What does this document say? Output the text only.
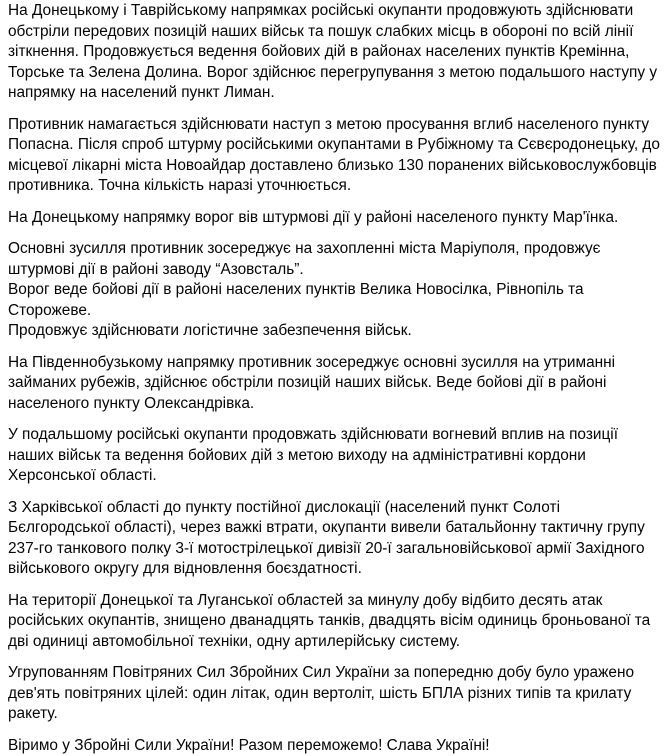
На Донецькому і Таврійському напрямках російські окупанти продовжують здійснювати обстріли передових позицій наших військ та пошук слабких місць в обороні по всій лінії зіткнення. Продовжується ведення бойових дій в районах населених пунктів Кремінна, Торське та Зелена Долина. Ворог здійснює перегрупування з метою подальшого наступу у напрямку на населений пункт Лиман.

Противник намагається здійснювати наступ з метою просування вглиб населеного пункту Попасна. Після спроб штурму російськими окупантами в Рубіжному та Сєвєродонецьку, до місцевої лікарні міста Новоайдар доставлено близько 130 поранених військовослужбовців противника. Точна кількість наразі уточнюється.

На Донецькому напрямку ворог вів штурмові дії у районі населеного пункту Мар'їнка.

Основні зусилля противник зосереджує на захопленні міста Маріуполя, продовжує штурмові дії в районі заводу “Азовсталь”.
Ворог веде бойові дії в районі населених пунктів Велика Новосілка, Рівнопіль та Сторожеве.
Продовжує здійснювати логістичне забезпечення військ.

На Південнобузькому напрямку противник зосереджує основні зусилля на утриманні займаних рубежів, здійснює обстріли позицій наших військ. Веде бойові дії в районі населеного пункту Олександрівка.

У подальшому російські окупанти продовжать здійснювати вогневий вплив на позиції наших військ та ведення бойових дій з метою виходу на адміністративні кордони Херсонської області.

З Харківської області до пункту постійної дислокації (населений пункт Солоті Бєлгородської області), через важкі втрати, окупанти вивели батальйонну тактичну групу 237-го танкового полку 3-ї мотострілецької дивізії 20-ї загальновійськової армії Західного військового округу для відновлення боєздатності.

На території Донецької та Луганської областей за минулу добу відбито десять атак російських окупантів, знищено дванадцять танків, двадцять вісім одиниць броньованої та дві одиниці автомобільної техніки, одну артилерійську систему.

Угрупованням Повітряних Сил Збройних Сил України за попередню добу було уражено дев'ять повітряних цілей: один літак, один вертоліт, шість БПЛА різних типів та крилату ракету.

Віримо у Збройні Сили України! Разом переможемо! Слава Україні!
